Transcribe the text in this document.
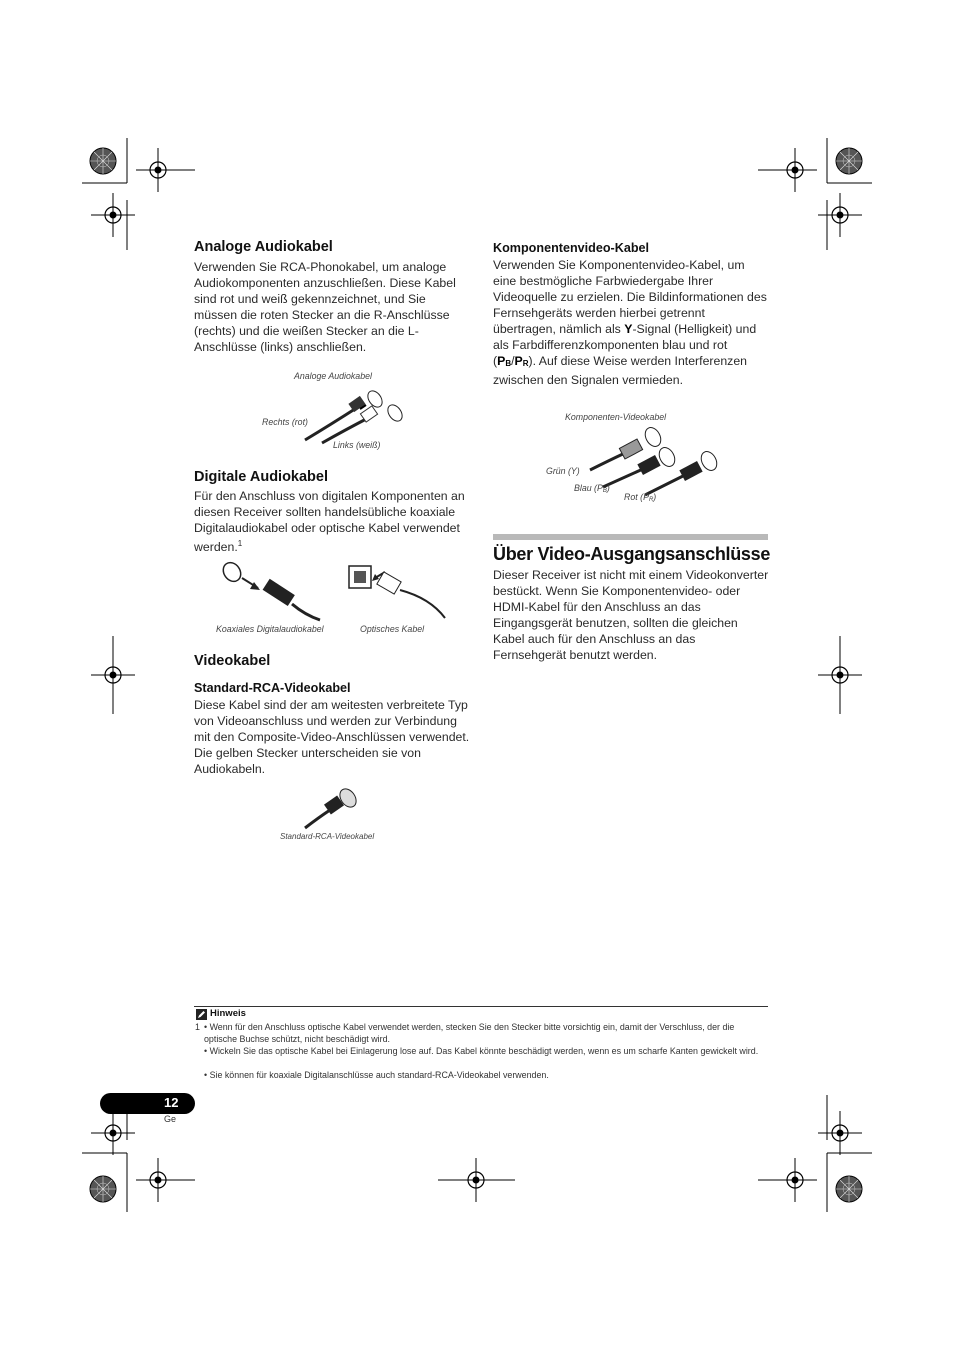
Analoge Audiokabel
Verwenden Sie RCA-Phonokabel, um analoge Audiokomponenten anzuschließen. Diese Kabel sind rot und weiß gekennzeichnet, und Sie müssen die roten Stecker an die R-Anschlüsse (rechts) und die weißen Stecker an die L-Anschlüsse (links) anschließen.
Analoge Audiokabel
Rechts (rot)
Links (weiß)
Digitale Audiokabel
Für den Anschluss von digitalen Komponenten an diesen Receiver sollten handelsübliche koaxiale Digitalaudiokabel oder optische Kabel verwendet werden.$^1$
Koaxiales Digitalaudiokabel	Optisches Kabel
Videokabel
Standard-RCA-Videokabel
Diese Kabel sind der am weitesten verbreitete Typ von Videoanschluss und werden zur Verbindung mit den Composite-Video-Anschlüssen verwendet. Die gelben Stecker unterscheiden sie von Audiokabeln.
Standard-RCA-Videokabel
Komponentenvideo-Kabel
Verwenden Sie Komponentenvideo-Kabel, um eine bestmögliche Farbwiedergabe Ihrer Videoquelle zu erzielen. Die Bildinformationen des Fernsehgeräts werden hierbei getrennt übertragen, nämlich als Y-Signal (Helligkeit) und als Farbdifferenzkomponenten blau und rot $(P_B/P_R)$. Auf diese Weise werden Interferenzen zwischen den Signalen vermieden.
Komponenten-Videokabel
Grün (Y)
Blau $(P_B)$
Rot $(P_R)$
Über Video-Ausgangsanschlüsse
Dieser Receiver ist nicht mit einem Videokonverter bestückt. Wenn Sie Komponentenvideo- oder HDMI-Kabel für den Anschluss an das Eingangsgerät benutzen, sollten die gleichen Kabel auch für den Anschluss an das Fernsehgerät benutzt werden.
Hinweis
1 • Wenn für den Anschluss optische Kabel verwendet werden, stecken Sie den Stecker bitte vorsichtig ein, damit der Verschluss, der die optische Buchse schützt, nicht beschädigt wird.
• Wickeln Sie das optische Kabel bei Einlagerung lose auf. Das Kabel könnte beschädigt werden, wenn es um scharfe Kanten gewickelt wird.
• Sie können für koaxiale Digitalanschlüsse auch standard-RCA-Videokabel verwenden.
12
Ge
